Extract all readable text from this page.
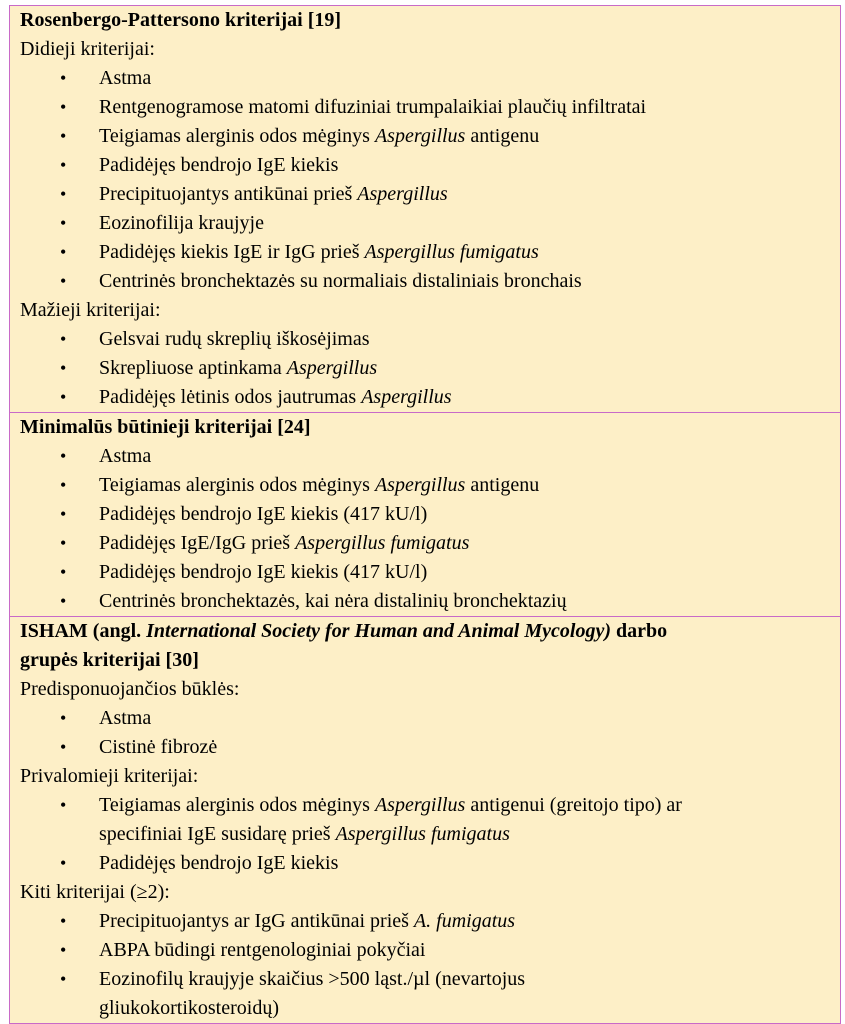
Rosenbergo-Pattersono kriterijai [19]
Didieji kriterijai:
• Astma
• Rentgenogramose matomi difuziniai trumpalaikiai plaučių infiltratai
• Teigiamas alerginis odos mėginys Aspergillus antigenu
• Padidėjęs bendrojo IgE kiekis
• Precipituojantys antikūnai prieš Aspergillus
• Eozinofilija kraujyje
• Padidėjęs kiekis IgE ir IgG prieš Aspergillus fumigatus
• Centrinės bronchektazės su normaliais distaliniais bronchais
Mažieji kriterijai:
• Gelsvai rudų skreplių iškosėjimas
• Skrepliuose aptinkama Aspergillus
• Padidėjęs lėtinis odos jautrumas Aspergillus
Minimalūs būtinieji kriterijai [24]
• Astma
• Teigiamas alerginis odos mėginys Aspergillus antigenu
• Padidėjęs bendrojo IgE kiekis (417 kU/l)
• Padidėjęs IgE/IgG prieš Aspergillus fumigatus
• Padidėjęs bendrojo IgE kiekis (417 kU/l)
• Centrinės bronchektazės, kai nėra distalinių bronchektazių
ISHAM (angl. International Society for Human and Animal Mycology) darbo
grupės kriterijai [30]
Predisponuojančios būklės:
• Astma
• Cistinė fibrozė
Privalomieji kriterijai:
• Teigiamas alerginis odos mėginys Aspergillus antigenui (greitojo tipo) ar
specifiniai IgE susidarę prieš Aspergillus fumigatus
• Padidėjęs bendrojo IgE kiekis
Kiti kriterijai (≥2):
• Precipituojantys ar IgG antikūnai prieš A. fumigatus
• ABPA būdingi rentgenologiniai pokyčiai
• Eozinofilų kraujyje skaičius >500 ląst./µl (nevartojus
gliukokortikosteroidų)
